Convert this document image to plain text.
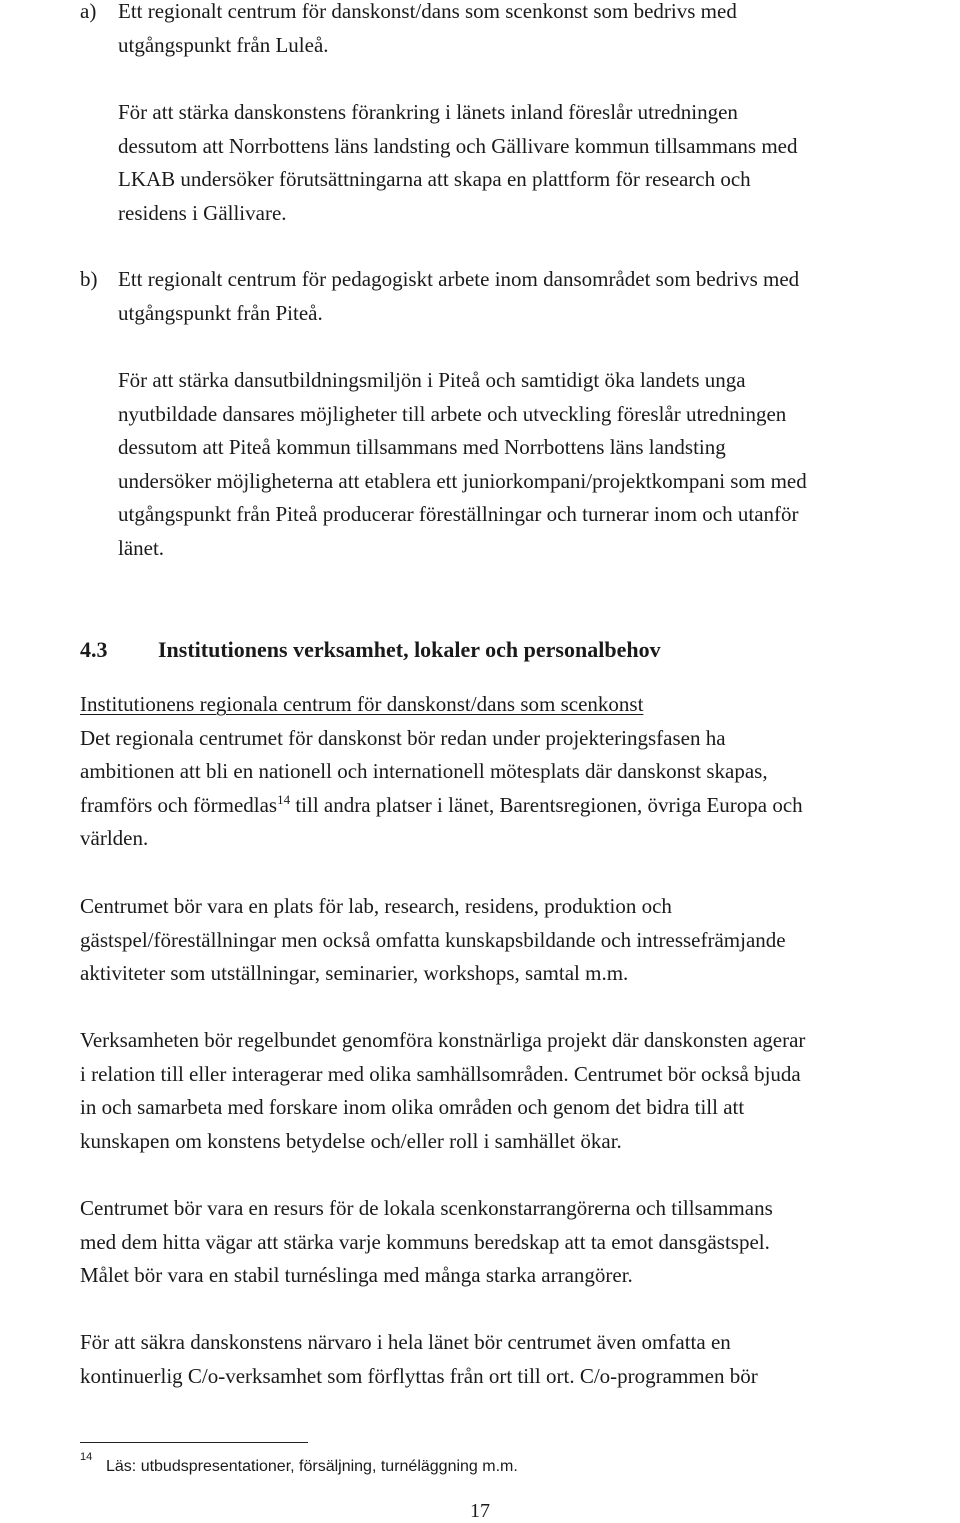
a) Ett regionalt centrum för danskonst/dans som scenkonst som bedrivs med
utgångspunkt från Luleå.

För att stärka danskonstens förankring i länets inland föreslår utredningen
dessutom att Norrbottens läns landsting och Gällivare kommun tillsammans med
LKAB undersöker förutsättningarna att skapa en plattform för research och
residens i Gällivare.

b) Ett regionalt centrum för pedagogiskt arbete inom dansområdet som bedrivs med
utgångspunkt från Piteå.

För att stärka dansutbildningsmiljön i Piteå och samtidigt öka landets unga
nyutbildade dansares möjligheter till arbete och utveckling föreslår utredningen
dessutom att Piteå kommun tillsammans med Norrbottens läns landsting
undersöker möjligheterna att etablera ett juniorkompani/projektkompani som med
utgångspunkt från Piteå producerar föreställningar och turnerar inom och utanför
länet.

4.3 Institutionens verksamhet, lokaler och personalbehov

Institutionens regionala centrum för danskonst/dans som scenkonst
Det regionala centrumet för danskonst bör redan under projekteringsfasen ha
ambitionen att bli en nationell och internationell mötesplats där danskonst skapas,
framförs och förmedlas$^{14}$ till andra platser i länet, Barentsregionen, övriga Europa och
världen.

Centrumet bör vara en plats för lab, research, residens, produktion och
gästspel/föreställningar men också omfatta kunskapsbildande och intressefrämjande
aktiviteter som utställningar, seminarier, workshops, samtal m.m.

Verksamheten bör regelbundet genomföra konstnärliga projekt där danskonsten agerar
i relation till eller interagerar med olika samhällsområden. Centrumet bör också bjuda
in och samarbeta med forskare inom olika områden och genom det bidra till att
kunskapen om konstens betydelse och/eller roll i samhället ökar.

Centrumet bör vara en resurs för de lokala scenkonstarrangörerna och tillsammans
med dem hitta vägar att stärka varje kommuns beredskap att ta emot dansgästspel.
Målet bör vara en stabil turnéslinga med många starka arrangörer.

För att säkra danskonstens närvaro i hela länet bör centrumet även omfatta en
kontinuerlig C/o-verksamhet som förflyttas från ort till ort. C/o-programmen bör

14
Läs: utbudspresentationer, försäljning, turnéläggning m.m.
17
